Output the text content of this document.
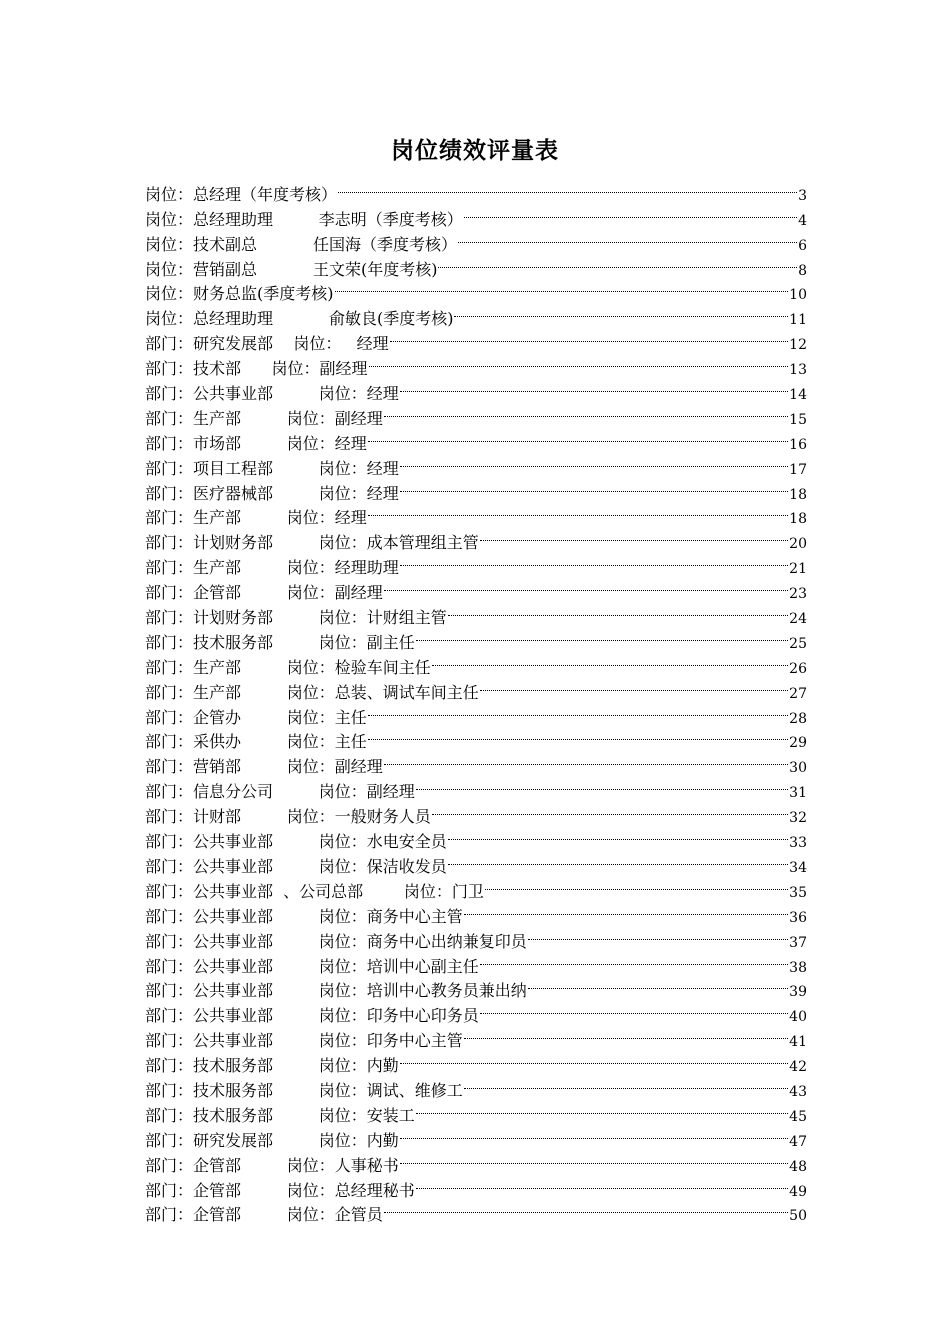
岗位绩效评量表
岗位：总经理（年度考核）	3
岗位：总经理助理         李志明（季度考核）	4
岗位：技术副总           任国海（季度考核）	6
岗位：营销副总           王文荣(年度考核)	8
岗位：财务总监(季度考核)	10
岗位：总经理助理           俞敏良(季度考核)	11
部门：研究发展部    岗位：   经理	12
部门：技术部      岗位：副经理	13
部门：公共事业部         岗位：经理	14
部门：生产部         岗位：副经理	15
部门：市场部         岗位：经理	16
部门：项目工程部         岗位：经理	17
部门：医疗器械部         岗位：经理	18
部门：生产部         岗位：经理	18
部门：计划财务部         岗位：成本管理组主管	20
部门：生产部         岗位：经理助理	21
部门：企管部         岗位：副经理	23
部门：计划财务部         岗位：计财组主管	24
部门：技术服务部         岗位：副主任	25
部门：生产部         岗位：检验车间主任	26
部门：生产部         岗位：总装、调试车间主任	27
部门：企管办         岗位：主任	28
部门：采供办         岗位：主任	29
部门：营销部         岗位：副经理	30
部门：信息分公司         岗位：副经理	31
部门：计财部         岗位：一般财务人员	32
部门：公共事业部         岗位：水电安全员	33
部门：公共事业部         岗位：保洁收发员	34
部门：公共事业部  、公司总部        岗位：门卫	35
部门：公共事业部         岗位：商务中心主管	36
部门：公共事业部         岗位：商务中心出纳兼复印员	37
部门：公共事业部         岗位：培训中心副主任	38
部门：公共事业部         岗位：培训中心教务员兼出纳	39
部门：公共事业部         岗位：印务中心印务员	40
部门：公共事业部         岗位：印务中心主管	41
部门：技术服务部         岗位：内勤	42
部门：技术服务部         岗位：调试、维修工	43
部门：技术服务部         岗位：安装工	45
部门：研究发展部         岗位：内勤	47
部门：企管部         岗位：人事秘书	48
部门：企管部         岗位：总经理秘书	49
部门：企管部         岗位：企管员	50
